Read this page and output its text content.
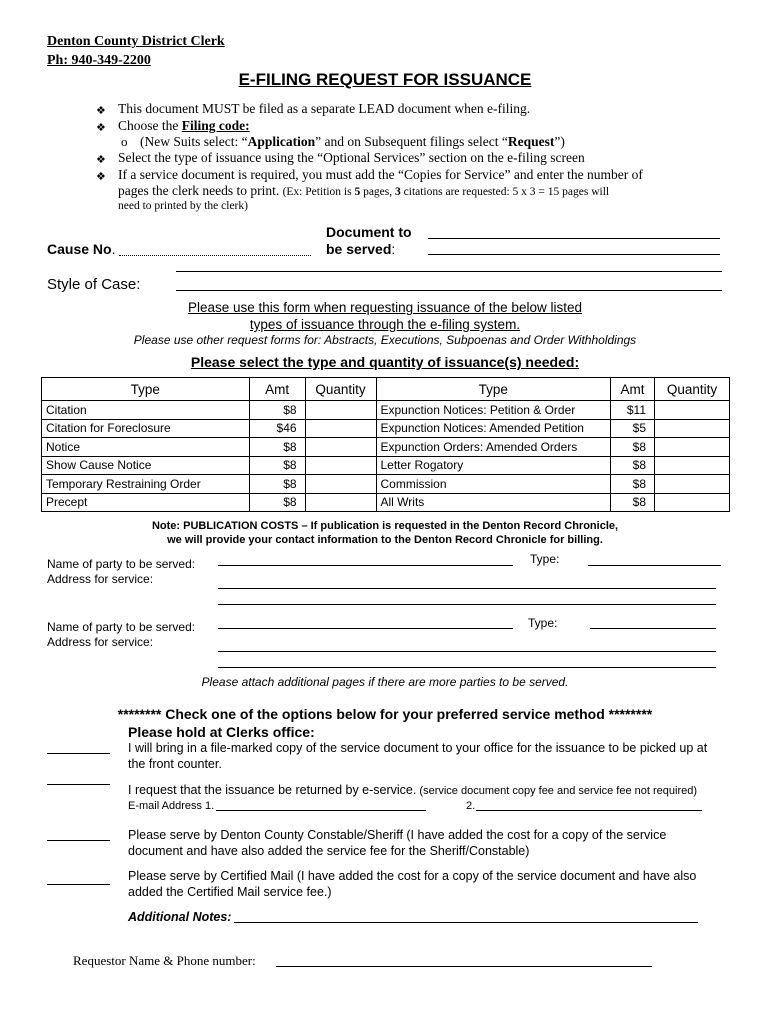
Denton County District Clerk
Ph: 940-349-2200
E-FILING REQUEST FOR ISSUANCE
❖ This document MUST be filed as a separate LEAD document when e-filing.
❖ Choose the Filing code:
o (New Suits select: “Application” and on Subsequent filings select “Request”)
❖ Select the type of issuance using the “Optional Services” section on the e-filing screen
❖ If a service document is required, you must add the “Copies for Service” and enter the number of
pages the clerk needs to print. (Ex: Petition is 5 pages, 3 citations are requested: 5 x 3 = 15 pages will
need to printed by the clerk)
Cause No.
Document to
be served:
Style of Case:
Please use this form when requesting issuance of the below listed
types of issuance through the e-filing system.
Please use other request forms for: Abstracts, Executions, Subpoenas and Order Withholdings
Please select the type and quantity of issuance(s) needed:
Type	Amt	Quantity	Type	Amt	Quantity
Citation	$8		Expunction Notices: Petition & Order	$11	
Citation for Foreclosure	$46		Expunction Notices: Amended Petition	$5	
Notice	$8		Expunction Orders: Amended Orders	$8	
Show Cause Notice	$8		Letter Rogatory	$8	
Temporary Restraining Order	$8		Commission	$8	
Precept	$8		All Writs	$8	
Note: PUBLICATION COSTS – If publication is requested in the Denton Record Chronicle,
we will provide your contact information to the Denton Record Chronicle for billing.
Name of party to be served:	Type:
Address for service:
Name of party to be served:	Type:
Address for service:
Please attach additional pages if there are more parties to be served.
******** Check one of the options below for your preferred service method ********
Please hold at Clerks office:
I will bring in a file-marked copy of the service document to your office for the issuance to be picked up at the front counter.
I request that the issuance be returned by e-service. (service document copy fee and service fee not required)
E-mail Address 1.	2.
Please serve by Denton County Constable/Sheriff (I have added the cost for a copy of the service document and have also added the service fee for the Sheriff/Constable)
Please serve by Certified Mail (I have added the cost for a copy of the service document and have also added the Certified Mail service fee.)
Additional Notes:
Requestor Name & Phone number:
